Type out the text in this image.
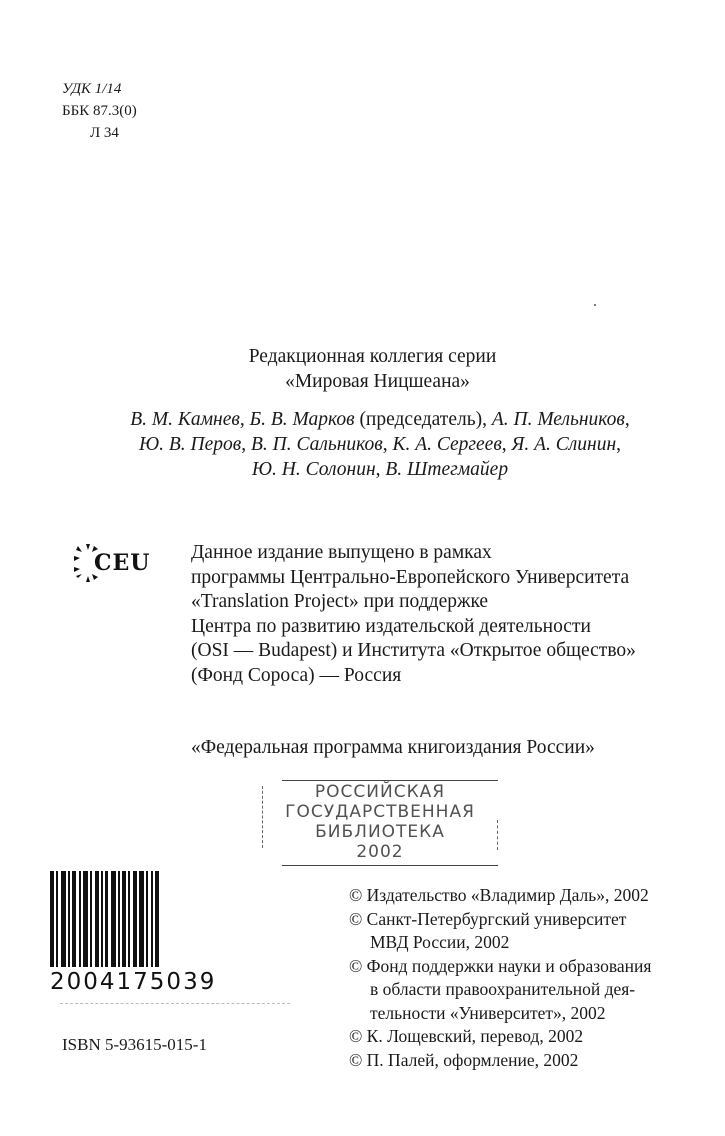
УДК 1/14
ББК 87.3(0)
Л 34
Редакционная коллегия серии
«Мировая Ницшеана»
В. М. Камнев, Б. В. Марков (председатель), А. П. Мельников,
Ю. В. Перов, В. П. Сальников, К. А. Сергеев, Я. А. Слинин,
Ю. Н. Солонин, В. Штегмайер
CEU Данное издание выпущено в рамках
программы Центрально-Европейского Университета
«Translation Project» при поддержке
Центра по развитию издательской деятельности
(OSI — Budapest) и Института «Открытое общество»
(Фонд Сороса) — Россия
«Федеральная программа книгоиздания России»
РОССИЙСКАЯ
ГОСУДАРСТВЕННАЯ
БИБЛИОТЕКА
2002
2004175039
ISBN 5-93615-015-1
© Издательство «Владимир Даль», 2002
© Санкт-Петербургский университет
МВД России, 2002
© Фонд поддержки науки и образования
в области правоохранительной дея-
тельности «Университет», 2002
© К. Лощевский, перевод, 2002
© П. Палей, оформление, 2002
